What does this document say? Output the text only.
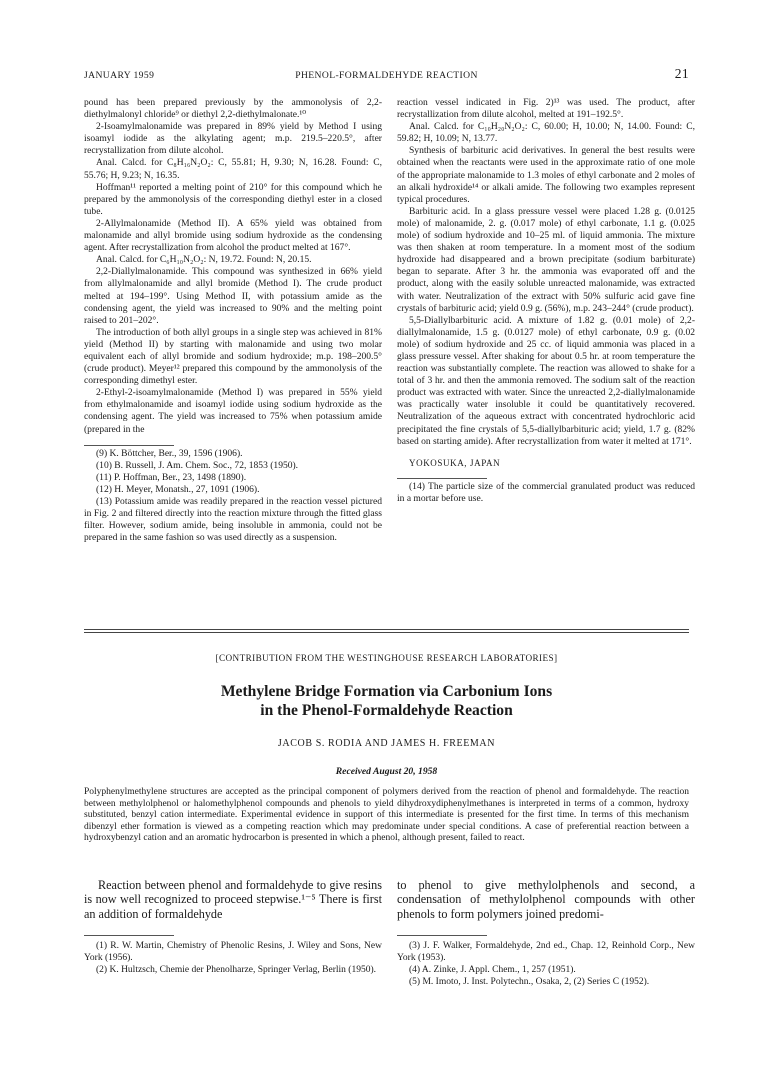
JANUARY 1959	PHENOL-FORMALDEHYDE REACTION	21

pound has been prepared previously by the ammonolysis of 2,2-diethylmalonyl chloride⁹ or diethyl 2,2-diethylmalonate.¹⁰

2-Isoamylmalonamide was prepared in 89% yield by Method I using isoamyl iodide as the alkylating agent; m.p. 219.5–220.5°, after recrystallization from dilute alcohol.

Anal. Calcd. for C₈H₁₆N₂O₂: C, 55.81; H, 9.30; N, 16.28. Found: C, 55.76; H, 9.23; N, 16.35.

Hoffman¹¹ reported a melting point of 210° for this compound which he prepared by the ammonolysis of the corresponding diethyl ester in a closed tube.

2-Allylmalonamide (Method II). A 65% yield was obtained from malonamide and allyl bromide using sodium hydroxide as the condensing agent. After recrystallization from alcohol the product melted at 167°.

Anal. Calcd. for C₆H₁₀N₂O₂: N, 19.72. Found: N, 20.15.

2,2-Diallylmalonamide. This compound was synthesized in 66% yield from allylmalonamide and allyl bromide (Method I). The crude product melted at 194–199°. Using Method II, with potassium amide as the condensing agent, the yield was increased to 90% and the melting point raised to 201–202°.

The introduction of both allyl groups in a single step was achieved in 81% yield (Method II) by starting with malonamide and using two molar equivalent each of allyl bromide and sodium hydroxide; m.p. 198–200.5° (crude product). Meyer¹² prepared this compound by the ammonolysis of the corresponding dimethyl ester.

2-Ethyl-2-isoamylmalonamide (Method I) was prepared in 55% yield from ethylmalonamide and isoamyl iodide using sodium hydroxide as the condensing agent. The yield was increased to 75% when potassium amide (prepared in the

(9) K. Böttcher, Ber., 39, 1596 (1906).

(10) B. Russell, J. Am. Chem. Soc., 72, 1853 (1950).

(11) P. Hoffman, Ber., 23, 1498 (1890).

(12) H. Meyer, Monatsh., 27, 1091 (1906).

(13) Potassium amide was readily prepared in the reaction vessel pictured in Fig. 2 and filtered directly into the reaction mixture through the fitted glass filter. However, sodium amide, being insoluble in ammonia, could not be prepared in the same fashion so was used directly as a suspension.

reaction vessel indicated in Fig. 2)¹³ was used. The product, after recrystallization from dilute alcohol, melted at 191–192.5°.

Anal. Calcd. for C₁₀H₂₀N₂O₂: C, 60.00; H, 10.00; N, 14.00. Found: C, 59.82; H, 10.09; N, 13.77.

Synthesis of barbituric acid derivatives. In general the best results were obtained when the reactants were used in the approximate ratio of one mole of the appropriate malonamide to 1.3 moles of ethyl carbonate and 2 moles of an alkali hydroxide¹⁴ or alkali amide. The following two examples represent typical procedures.

Barbituric acid. In a glass pressure vessel were placed 1.28 g. (0.0125 mole) of malonamide, 2. g. (0.017 mole) of ethyl carbonate, 1.1 g. (0.025 mole) of sodium hydroxide and 10–25 ml. of liquid ammonia. The mixture was then shaken at room temperature. In a moment most of the sodium hydroxide had disappeared and a brown precipitate (sodium barbiturate) began to separate. After 3 hr. the ammonia was evaporated off and the product, along with the easily soluble unreacted malonamide, was extracted with water. Neutralization of the extract with 50% sulfuric acid gave fine crystals of barbituric acid; yield 0.9 g. (56%), m.p. 243–244° (crude product).

5,5-Diallylbarbituric acid. A mixture of 1.82 g. (0.01 mole) of 2,2-diallylmalonamide, 1.5 g. (0.0127 mole) of ethyl carbonate, 0.9 g. (0.02 mole) of sodium hydroxide and 25 cc. of liquid ammonia was placed in a glass pressure vessel. After shaking for about 0.5 hr. at room temperature the reaction was substantially complete. The reaction was allowed to shake for a total of 3 hr. and then the ammonia removed. The sodium salt of the reaction product was extracted with water. Since the unreacted 2,2-diallylmalonamide was practically water insoluble it could be quantitatively recovered. Neutralization of the aqueous extract with concentrated hydrochloric acid precipitated the fine crystals of 5,5-diallylbarbituric acid; yield, 1.7 g. (82% based on starting amide). After recrystallization from water it melted at 171°.

YOKOSUKA, JAPAN

(14) The particle size of the commercial granulated product was reduced in a mortar before use.

[CONTRIBUTION FROM THE WESTINGHOUSE RESEARCH LABORATORIES]
Methylene Bridge Formation via Carbonium Ions
in the Phenol-Formaldehyde Reaction
JACOB S. RODIA AND JAMES H. FREEMAN
Received August 20, 1958

Polyphenylmethylene structures are accepted as the principal component of polymers derived from the reaction of phenol and formaldehyde. The reaction between methylolphenol or halomethylphenol compounds and phenols to yield dihydroxydiphenylmethanes is interpreted in terms of a common, hydroxy substituted, benzyl cation intermediate. Experimental evidence in support of this intermediate is presented for the first time. In terms of this mechanism dibenzyl ether formation is viewed as a competing reaction which may predominate under special conditions. A case of preferential reaction between a hydroxybenzyl cation and an aromatic hydrocarbon is presented in which a phenol, although present, failed to react.

Reaction between phenol and formaldehyde to give resins is now well recognized to proceed stepwise.¹⁻⁵ There is first an addition of formaldehyde

to phenol to give methylolphenols and second, a condensation of methylolphenol compounds with other phenols to form polymers joined predomi-

(1) R. W. Martin, Chemistry of Phenolic Resins, J. Wiley and Sons, New York (1956).

(2) K. Hultzsch, Chemie der Phenolharze, Springer Verlag, Berlin (1950).

(3) J. F. Walker, Formaldehyde, 2nd ed., Chap. 12, Reinhold Corp., New York (1953).

(4) A. Zinke, J. Appl. Chem., 1, 257 (1951).

(5) M. Imoto, J. Inst. Polytechn., Osaka, 2, (2) Series C (1952).
